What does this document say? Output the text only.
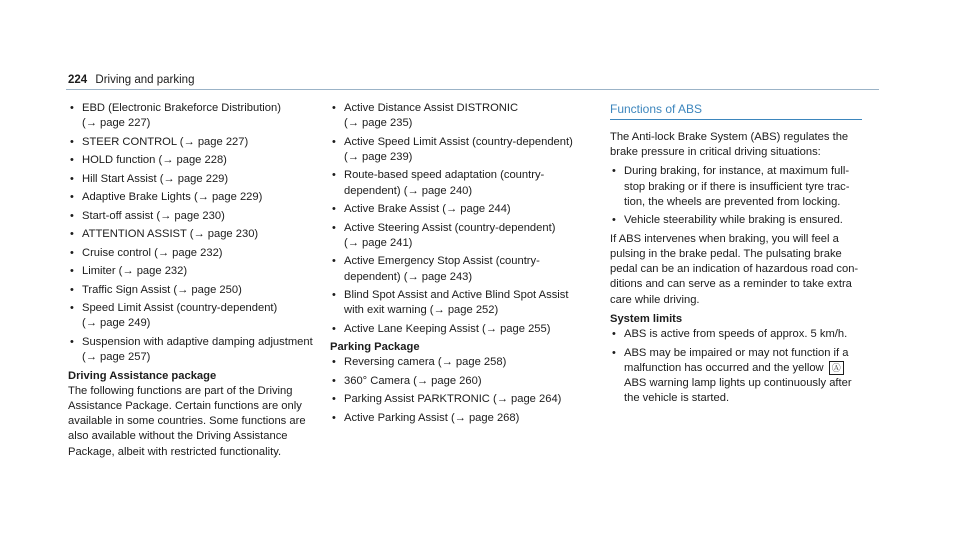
224 Driving and parking
• EBD (Electronic Brakeforce Distribution)
(→ page 227)
• STEER CONTROL (→ page 227)
• HOLD function (→ page 228)
• Hill Start Assist (→ page 229)
• Adaptive Brake Lights (→ page 229)
• Start-off assist (→ page 230)
• ATTENTION ASSIST (→ page 230)
• Cruise control (→ page 232)
• Limiter (→ page 232)
• Traffic Sign Assist (→ page 250)
• Speed Limit Assist (country-dependent)
(→ page 249)
• Suspension with adaptive damping adjustment
(→ page 257)
Driving Assistance package

The following functions are part of the Driving
Assistance Package. Certain functions are only
available in some countries. Some functions are
also available without the Driving Assistance
Package, albeit with restricted functionality.

• Active Distance Assist DISTRONIC
(→ page 235)
• Active Speed Limit Assist (country-dependent)
(→ page 239)
• Route-based speed adaptation (country-
dependent) (→ page 240)
• Active Brake Assist (→ page 244)
• Active Steering Assist (country-dependent)
(→ page 241)
• Active Emergency Stop Assist (country-
dependent) (→ page 243)
• Blind Spot Assist and Active Blind Spot Assist
with exit warning (→ page 252)
• Active Lane Keeping Assist (→ page 255)
Parking Package
• Reversing camera (→ page 258)
• 360° Camera (→ page 260)
• Parking Assist PARKTRONIC (→ page 264)
• Active Parking Assist (→ page 268)
Functions of ABS

The Anti-lock Brake System (ABS) regulates the
brake pressure in critical driving situations:

• During braking, for instance, at maximum full-
stop braking or if there is insufficient tyre trac-
tion, the wheels are prevented from locking.
• Vehicle steerability while braking is ensured.

If ABS intervenes when braking, you will feel a
pulsing in the brake pedal. The pulsating brake
pedal can be an indication of hazardous road con-
ditions and can serve as a reminder to take extra
care while driving.

System limits
• ABS is active from speeds of approx. 5 km/h.
• ABS may be impaired or may not function if a
malfunction has occurred and the yellow Ⓐ
ABS warning lamp lights up continuously after
the vehicle is started.
